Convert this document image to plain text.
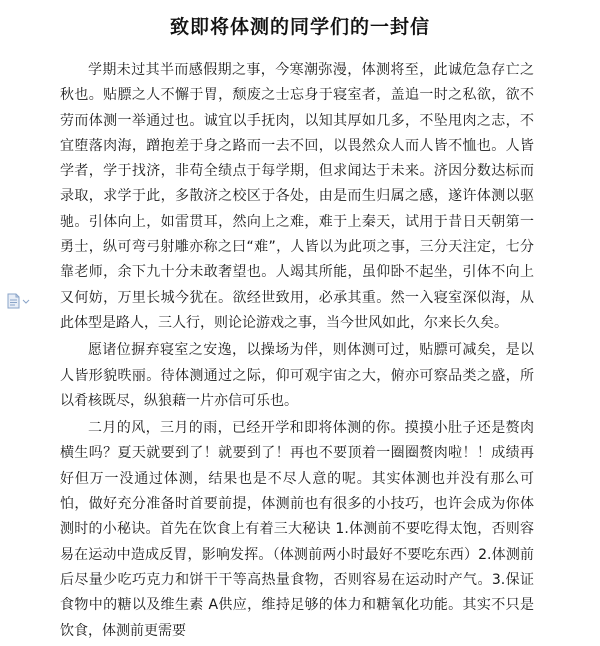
致即将体测的同学们的一封信

学期未过其半而感假期之事，今寒潮弥漫，体测将至，此诚危急存亡之秋也。贴膘之人不懈于胃，颓废之士忘身于寝室者，盖追一时之私欲，欲不劳而体测一举通过也。诚宜以手抚肉，以知其厚如几多，不坠甩肉之志，不宜堕落肉海，蹭抱差于身之路而一去不回，以畏然众人而人皆不恤也。人皆学者，学于找济，非苟全绩点于每学期，但求闻达于未来。济因分数达标而录取，求学于此，多散济之校区于各处，由是而生归属之感，遂许体测以驱驰。引体向上，如雷贯耳，然向上之难，难于上秦天，试用于昔日天朝第一勇士，纵可弯弓射雕亦称之曰“难”，人皆以为此项之事，三分天注定，七分靠老师，余下九十分未敢奢望也。人竭其所能，虽仰卧不起坐，引体不向上又何妨，万里长城今犹在。欲经世致用，必承其重。然一入寝室深似海，从此体型是路人，三人行，则论论游戏之事，当今世风如此，尔来长久矣。

愿诸位摒弃寝室之安逸，以操场为伴，则体测可过，贴膘可减矣，是以人皆形貌昳丽。待体测通过之际，仰可观宇宙之大，俯亦可察品类之盛，所以肴核既尽，纵狼藉一片亦信可乐也。

二月的风，三月的雨，已经开学和即将体测的你。摸摸小肚子还是赘肉横生吗？夏天就要到了！就要到了！再也不要顶着一圈圈赘肉啦！！成绩再好但万一没通过体测，结果也是不尽人意的呢。其实体测也并没有那么可怕，做好充分准备时首要前提，体测前也有很多的小技巧，也许会成为你体测时的小秘诀。首先在饮食上有着三大秘诀 1.体测前不要吃得太饱，否则容易在运动中造成反胃，影响发挥。（体测前两小时最好不要吃东西）2.体测前后尽量少吃巧克力和饼干干等高热量食物，否则容易在运动时产气。3.保证食物中的糖以及维生素 A供应，维持足够的体力和糖氧化功能。其实不只是饮食，体测前更需要
